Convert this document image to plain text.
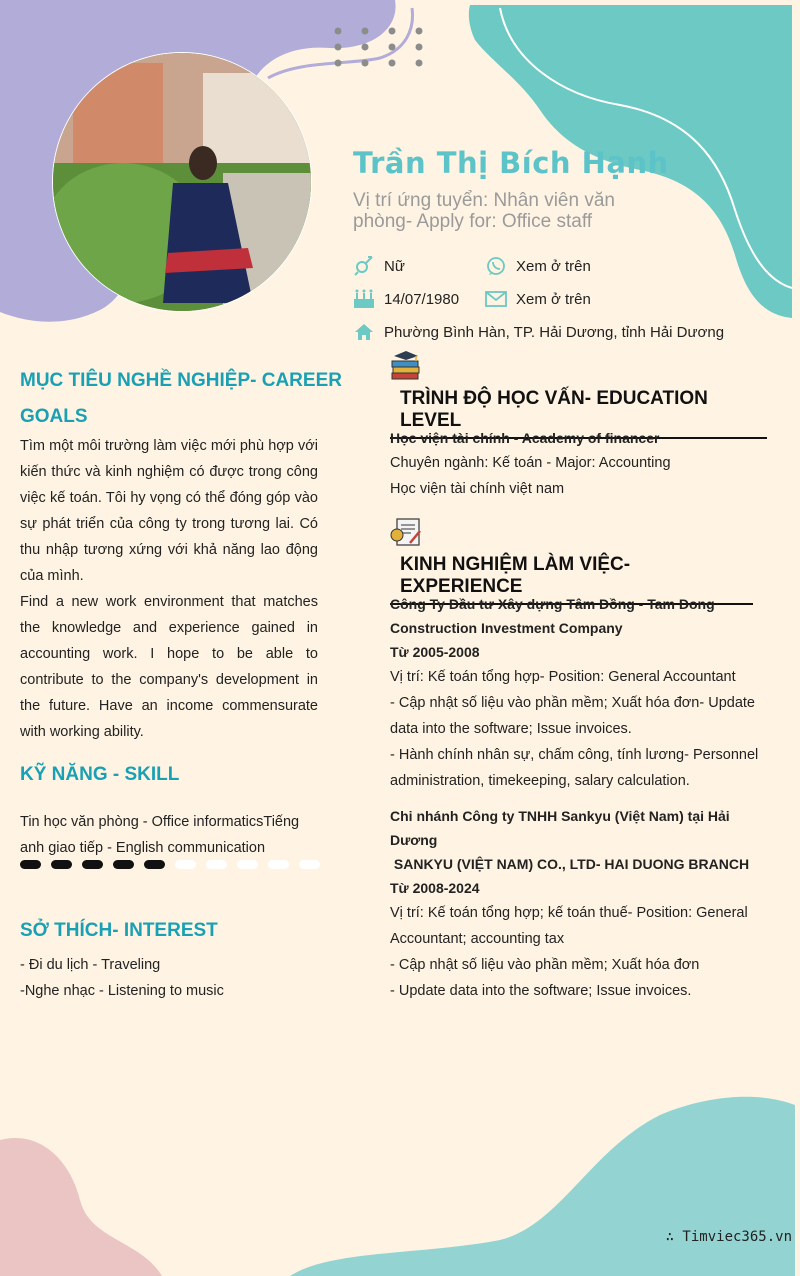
Trần Thị Bích Hạnh
Vị trí ứng tuyển: Nhân viên văn phòng- Apply for: Office staff
Nữ	Xem ở trên
14/07/1980	Xem ở trên
Phường Bình Hàn, TP. Hải Dương, tỉnh Hải Dương
MỤC TIÊU NGHỀ NGHIỆP- CAREER
GOALS
Tìm một môi trường làm việc mới phù hợp với kiến thức và kinh nghiệm có được trong công việc kế toán. Tôi hy vọng có thể đóng góp vào sự phát triển của công ty trong tương lai. Có thu nhập tương xứng với khả năng lao động của mình.
Find a new work environment that matches the knowledge and experience gained in accounting work. I hope to be able to contribute to the company's development in the future. Have an income commensurate with working ability.
KỸ NĂNG - SKILL
Tin học văn phòng - Office informaticsTiếng anh giao tiếp - English communication
SỞ THÍCH- INTEREST
- Đi du lịch - Traveling
-Nghe nhạc - Listening to music
TRÌNH ĐỘ HỌC VẤN- EDUCATION LEVEL
Học viện tài chính - Academy of financer
Chuyên ngành: Kế toán - Major: Accounting
Học viện tài chính việt nam
KINH NGHIỆM LÀM VIỆC- EXPERIENCE
Công Ty Đầu tư Xây dựng Tâm Đồng - Tam Dong
Construction Investment Company
Từ 2005-2008
Vị trí: Kế toán tổng hợp- Position: General Accountant
- Cập nhật số liệu vào phần mềm; Xuất hóa đơn- Update data into the software; Issue invoices.
- Hành chính nhân sự, chấm công, tính lương- Personnel administration, timekeeping, salary calculation.
Chi nhánh Công ty TNHH Sankyu (Việt Nam) tại Hải
Dương
SANKYU (VIỆT NAM) CO., LTD- HAI DUONG BRANCH
Từ 2008-2024
Vị trí: Kế toán tổng hợp; kế toán thuế- Position: General Accountant; accounting tax
- Cập nhật số liệu vào phần mềm; Xuất hóa đơn
- Update data into the software; Issue invoices.
∴ Timviec365.vn
